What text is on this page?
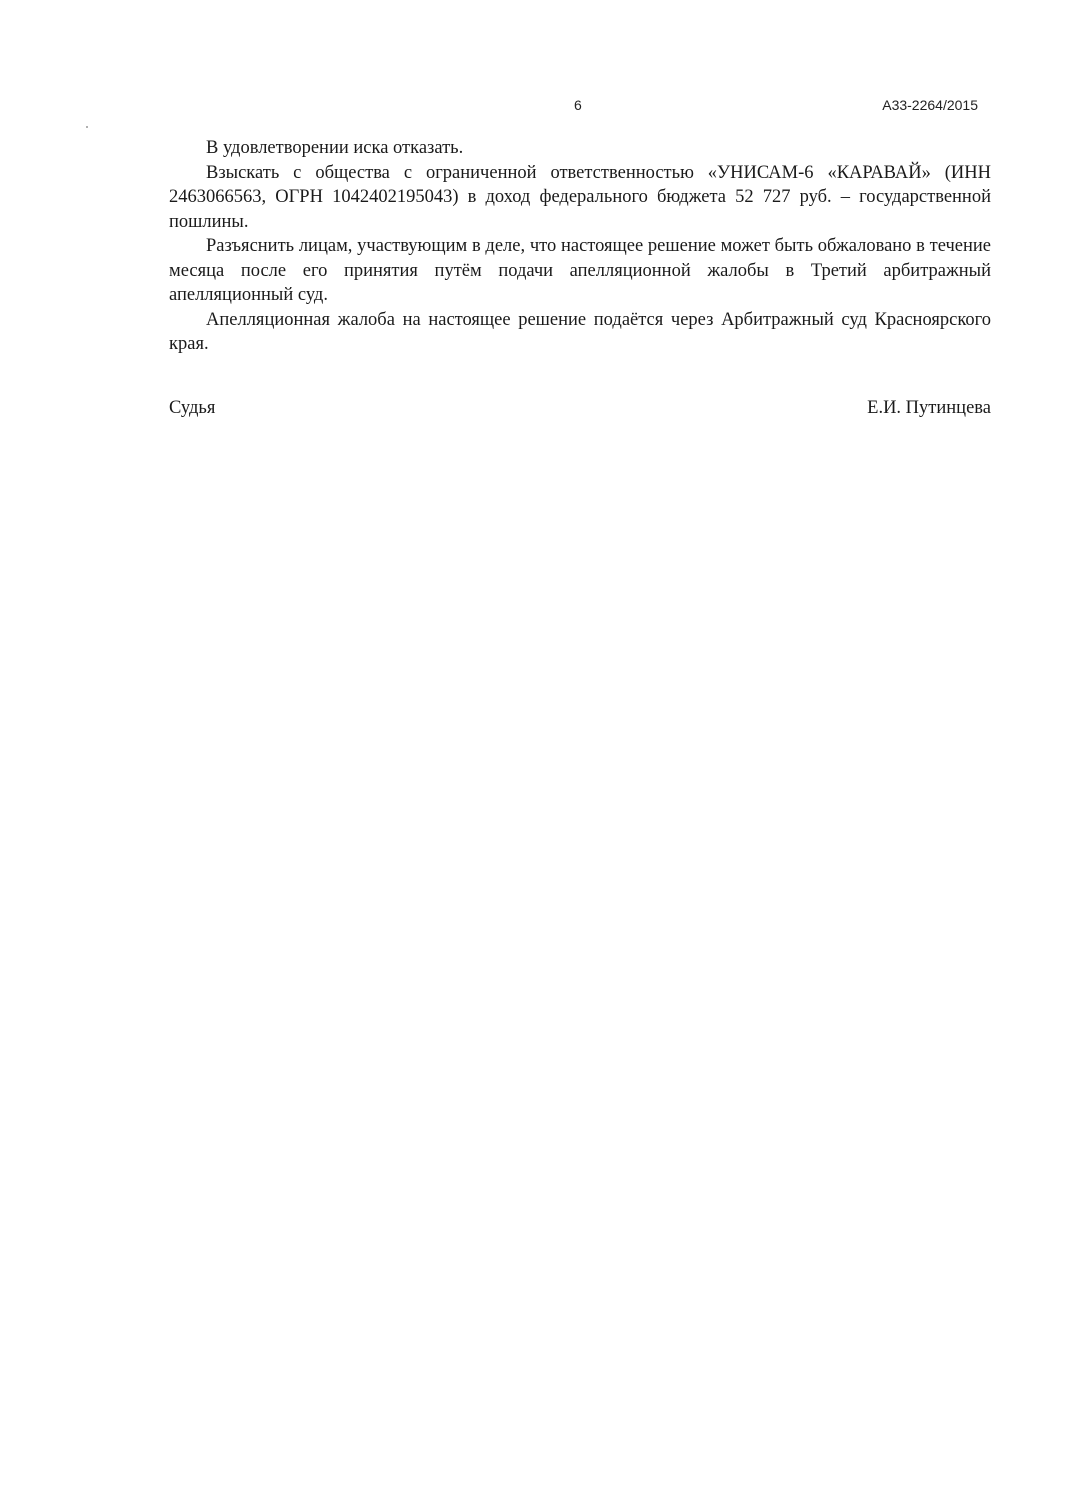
6	А33-2264/2015

В удовлетворении иска отказать.

Взыскать с общества с ограниченной ответственностью «УНИСАМ-6 «КАРАВАЙ» (ИНН 2463066563, ОГРН 1042402195043) в доход федерального бюджета 52 727 руб. – государственной пошлины.

Разъяснить лицам, участвующим в деле, что настоящее решение может быть обжаловано в течение месяца после его принятия путём подачи апелляционной жалобы в Третий арбитражный апелляционный суд.

Апелляционная жалоба на настоящее решение подаётся через Арбитражный суд Красноярского края.

Судья	Е.И. Путинцева
